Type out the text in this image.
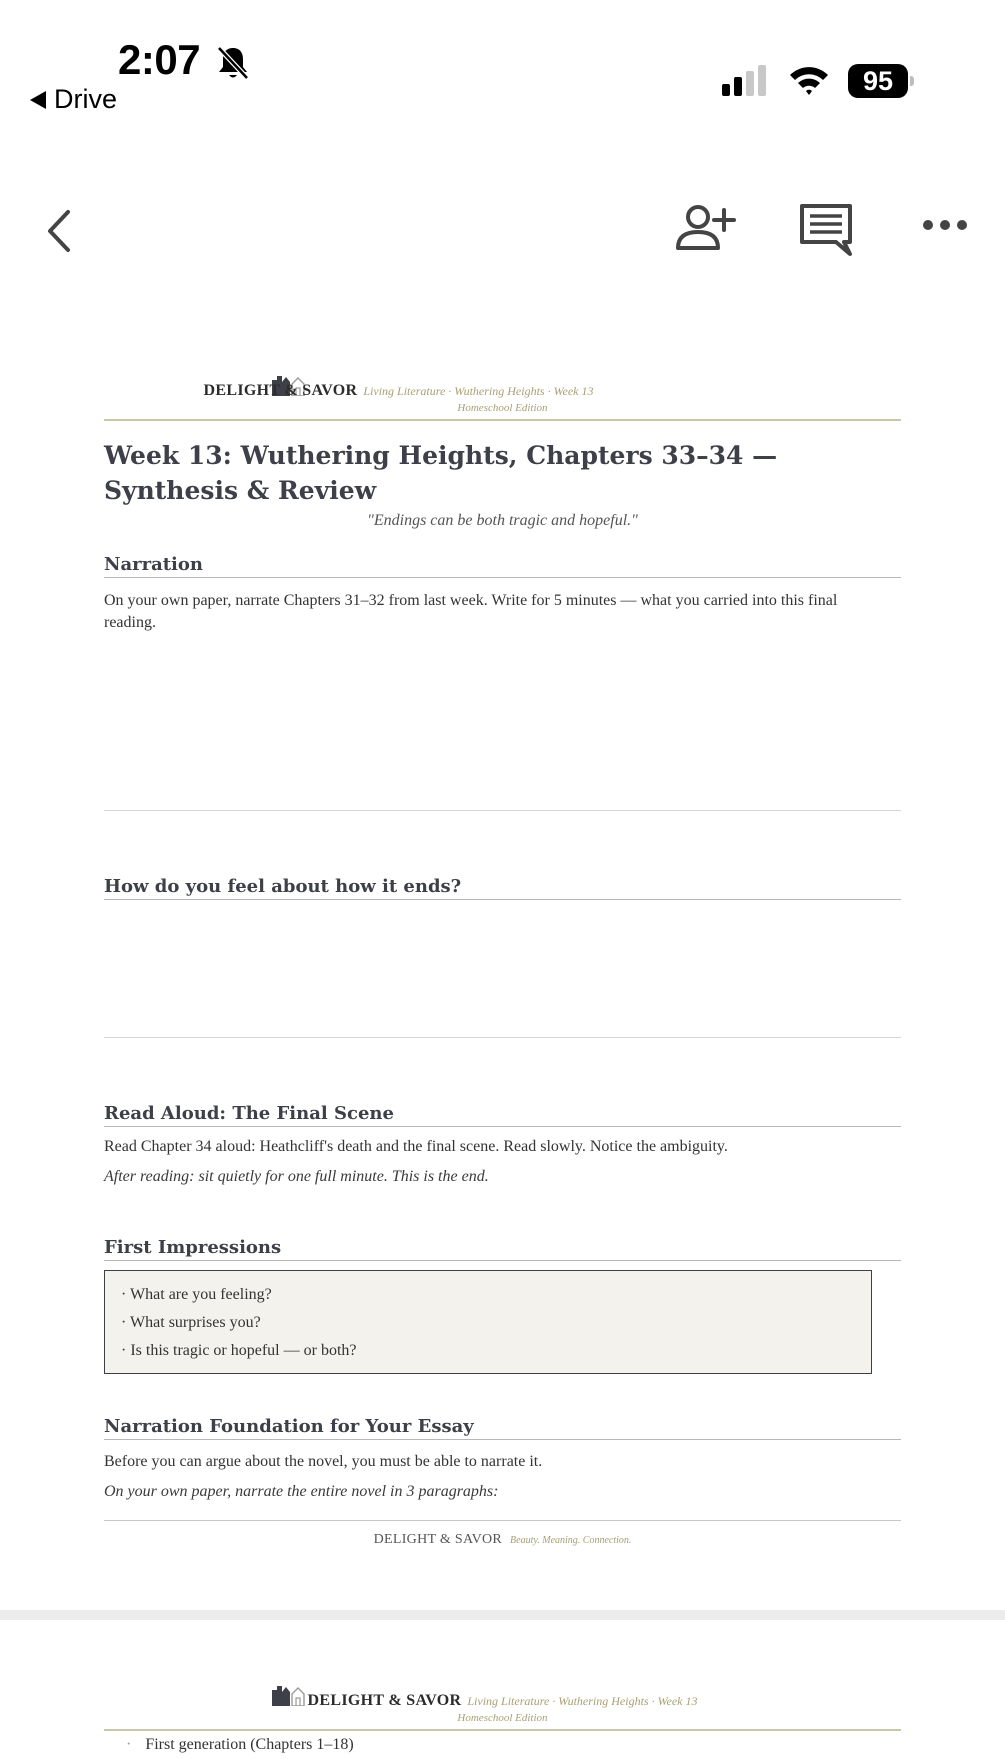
2:07
Drive
95
DELIGHT & SAVOR Living Literature · Wuthering Heights · Week 13
Homeschool Edition
Week 13: Wuthering Heights, Chapters 33–34 — Synthesis & Review
"Endings can be both tragic and hopeful."
Narration
On your own paper, narrate Chapters 31–32 from last week. Write for 5 minutes — what you carried into this final reading.
How do you feel about how it ends?
Read Aloud: The Final Scene
Read Chapter 34 aloud: Heathcliff's death and the final scene. Read slowly. Notice the ambiguity.
After reading: sit quietly for one full minute. This is the end.
First Impressions
· What are you feeling?
· What surprises you?
· Is this tragic or hopeful — or both?
Narration Foundation for Your Essay
Before you can argue about the novel, you must be able to narrate it.
On your own paper, narrate the entire novel in 3 paragraphs:
DELIGHT & SAVOR Beauty. Meaning. Connection.
DELIGHT & SAVOR Living Literature · Wuthering Heights · Week 13
Homeschool Edition
· First generation (Chapters 1–18)
